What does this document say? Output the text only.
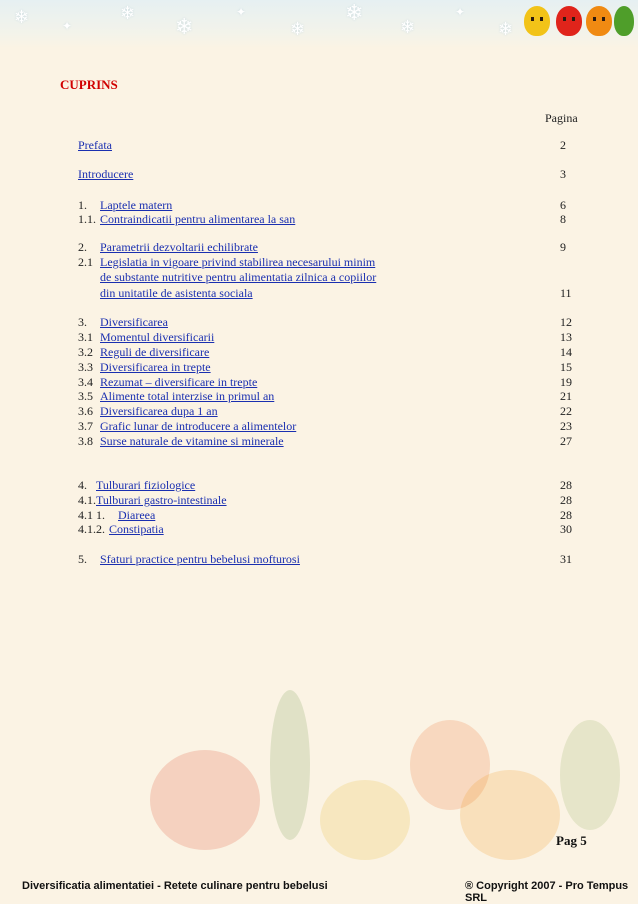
❄	✦
❄
❄
✦
❄
❄
❄
✦
❄
CUPRINS
Pagina
Prefata	2
Introducere	3
1. Laptele matern	6
1.1. Contraindicatii pentru alimentarea la san	8
2. Parametrii dezvoltarii echilibrate	9
2.1 Legislatia in vigoare privind stabilirea necesarului minim
de substante nutritive pentru alimentatia zilnica a copiilor
din unitatile de asistenta sociala	11
3. Diversificarea	12
3.1 Momentul diversificarii	13
3.2 Reguli de diversificare	14
3.3 Diversificarea in trepte	15
3.4 Rezumat – diversificare in trepte	19
3.5 Alimente total interzise in primul an	21
3.6 Diversificarea dupa 1 an	22
3.7 Grafic lunar de introducere a alimentelor	23
3.8 Surse naturale de vitamine si minerale	27
4. Tulburari fiziologice	28
4.1. Tulburari gastro-intestinale	28
4.1 1. Diareea	28
4.1.2. Constipatia	30
5. Sfaturi practice pentru bebelusi mofturosi	31
Pag 5
Diversificatia alimentatiei - Retete culinare pentru bebelusi	® Copyright 2007 - Pro Tempus SRL
